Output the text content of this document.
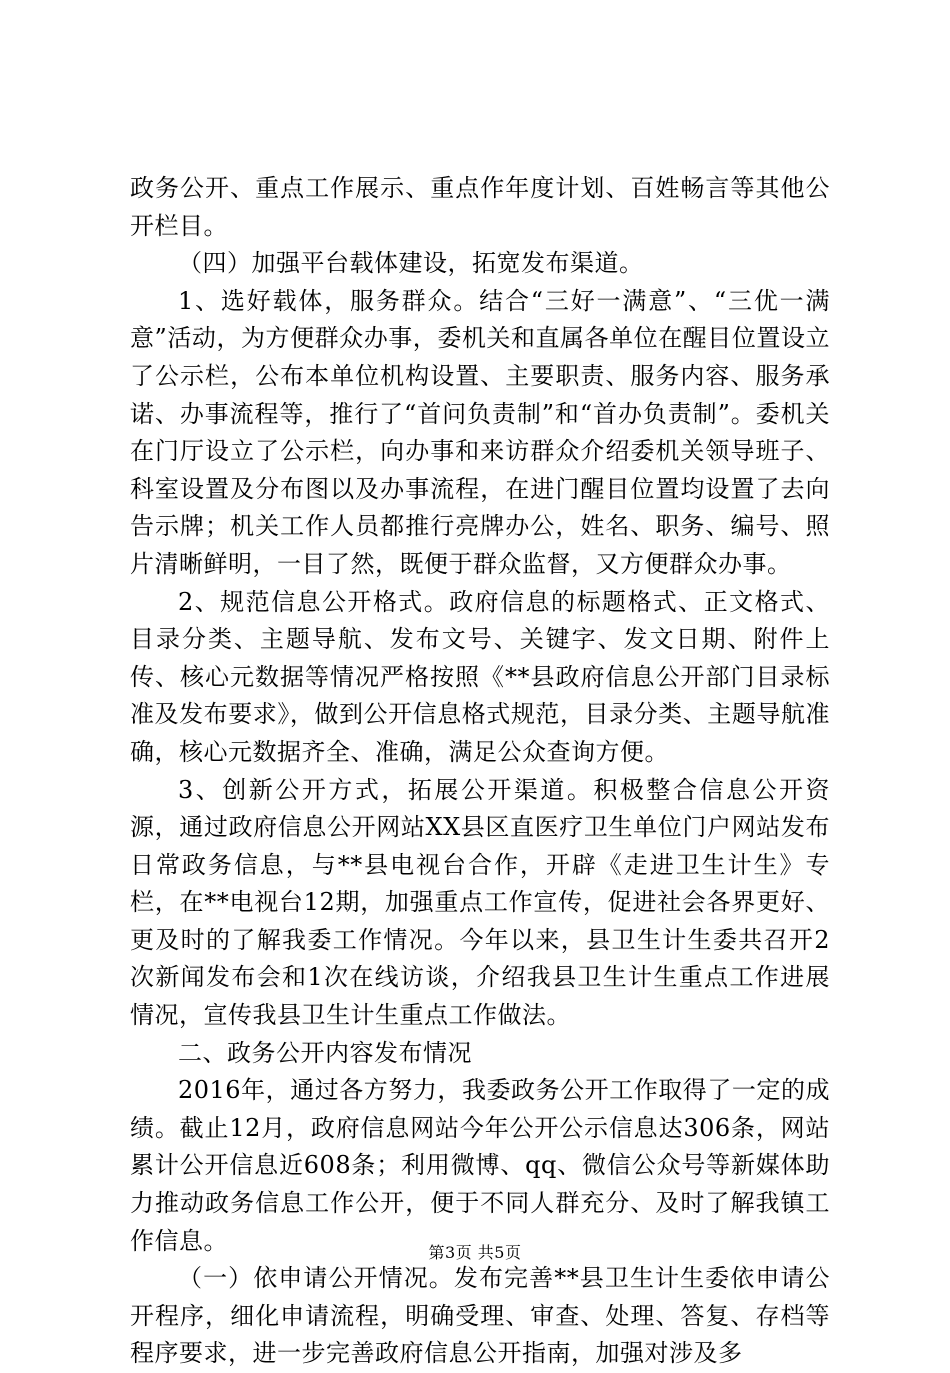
政务公开、重点工作展示、重点作年度计划、百姓畅言等其他公开栏目。

（四）加强平台载体建设，拓宽发布渠道。

1、选好载体，服务群众。结合“三好一满意”、“三优一满意”活动，为方便群众办事，委机关和直属各单位在醒目位置设立了公示栏，公布本单位机构设置、主要职责、服务内容、服务承诺、办事流程等，推行了“首问负责制”和“首办负责制”。委机关在门厅设立了公示栏，向办事和来访群众介绍委机关领导班子、科室设置及分布图以及办事流程，在进门醒目位置均设置了去向告示牌；机关工作人员都推行亮牌办公，姓名、职务、编号、照片清晰鲜明，一目了然，既便于群众监督，又方便群众办事。

2、规范信息公开格式。政府信息的标题格式、正文格式、目录分类、主题导航、发布文号、关键字、发文日期、附件上传、核心元数据等情况严格按照《**县政府信息公开部门目录标准及发布要求》，做到公开信息格式规范，目录分类、主题导航准确，核心元数据齐全、准确，满足公众查询方便。

3、创新公开方式，拓展公开渠道。积极整合信息公开资源，通过政府信息公开网站XX县区直医疗卫生单位门户网站发布日常政务信息，与**县电视台合作，开辟《走进卫生计生》专栏，在**电视台12期，加强重点工作宣传，促进社会各界更好、更及时的了解我委工作情况。今年以来，县卫生计生委共召开2次新闻发布会和1次在线访谈，介绍我县卫生计生重点工作进展情况，宣传我县卫生计生重点工作做法。

二、政务公开内容发布情况

2016年，通过各方努力，我委政务公开工作取得了一定的成绩。截止12月，政府信息网站今年公开公示信息达306条，网站累计公开信息近608条；利用微博、qq、微信公众号等新媒体助力推动政务信息工作公开，便于不同人群充分、及时了解我镇工作信息。

（一）依申请公开情况。发布完善**县卫生计生委依申请公开程序，细化申请流程，明确受理、审查、处理、答复、存档等程序要求，进一步完善政府信息公开指南，加强对涉及多

第3页 共5页
